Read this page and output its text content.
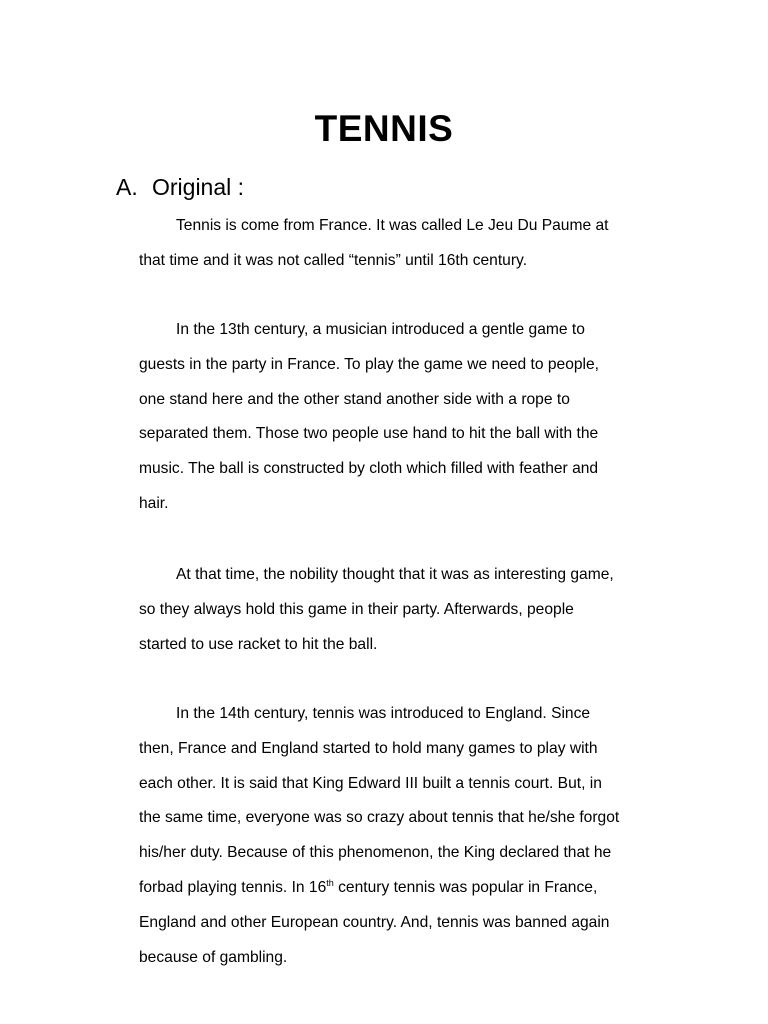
TENNIS
A. Original :

Tennis is come from France. It was called Le Jeu Du Paume at
that time and it was not called “tennis” until 16th century.

In the 13th century, a musician introduced a gentle game to
guests in the party in France. To play the game we need to people,
one stand here and the other stand another side with a rope to
separated them. Those two people use hand to hit the ball with the
music. The ball is constructed by cloth which filled with feather and
hair.

At that time, the nobility thought that it was as interesting game,
so they always hold this game in their party. Afterwards, people
started to use racket to hit the ball.

In the 14th century, tennis was introduced to England. Since
then, France and England started to hold many games to play with
each other. It is said that King Edward III built a tennis court. But, in
the same time, everyone was so crazy about tennis that he/she forgot
his/her duty. Because of this phenomenon, the King declared that he
forbad playing tennis. In 16th century tennis was popular in France,
England and other European country. And, tennis was banned again
because of gambling.
